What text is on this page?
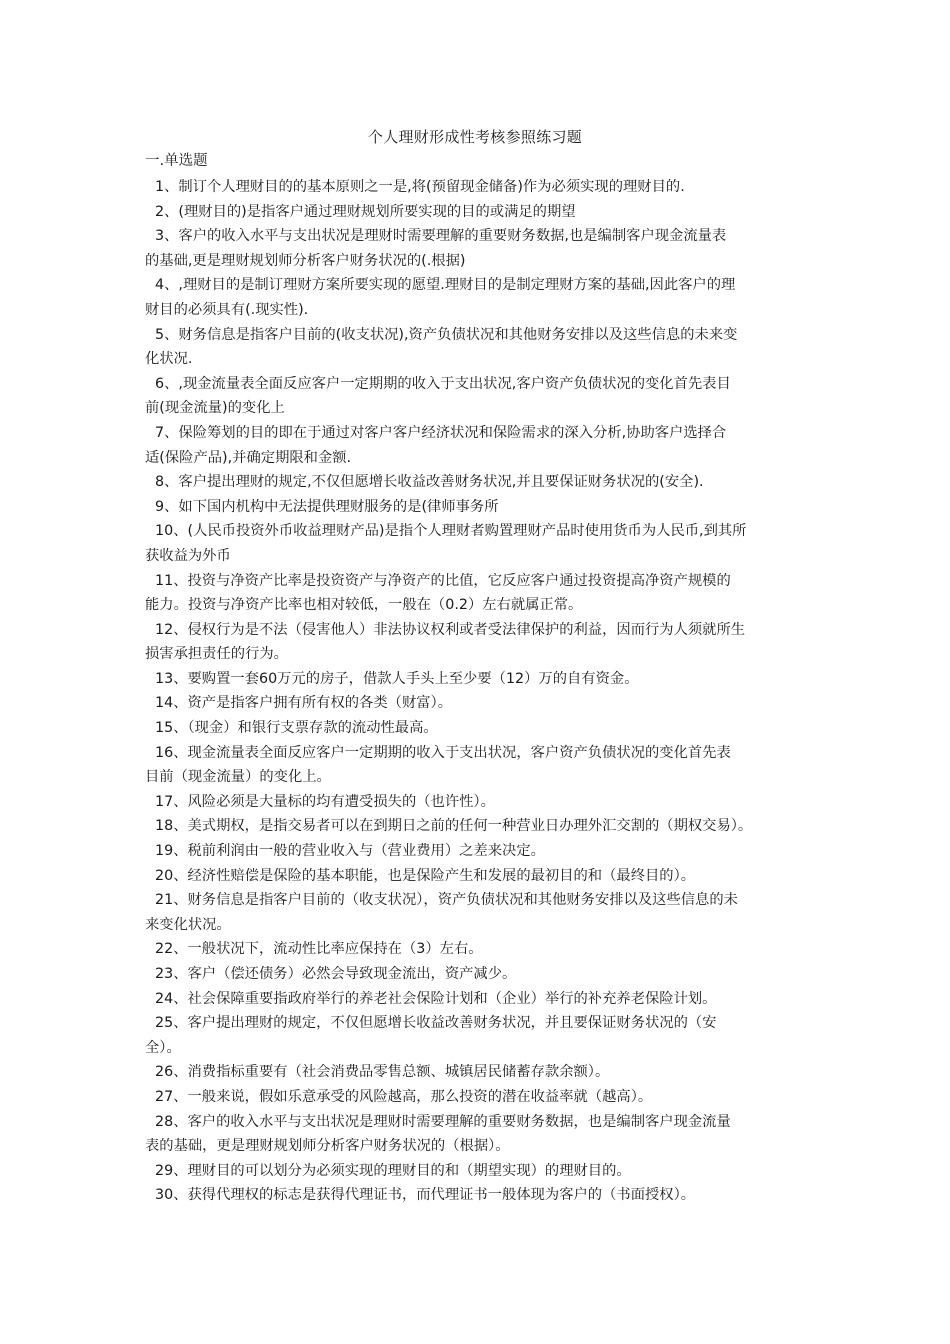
个人理财形成性考核参照练习题
一.单选题
1、制订个人理财目的的基本原则之一是,将(预留现金储备)作为必须实现的理财目的.
2、(理财目的)是指客户通过理财规划所要实现的目的或满足的期望
3、客户的收入水平与支出状况是理财时需要理解的重要财务数据,也是编制客户现金流量表
的基础,更是理财规划师分析客户财务状况的(.根据)
4、,理财目的是制订理财方案所要实现的愿望.理财目的是制定理财方案的基础,因此客户的理
财目的必须具有(.现实性).
5、财务信息是指客户目前的(收支状况),资产负债状况和其他财务安排以及这些信息的未来变
化状况.
6、,现金流量表全面反应客户一定期期的收入于支出状况,客户资产负债状况的变化首先表目
前(现金流量)的变化上
7、保险筹划的目的即在于通过对客户客户经济状况和保险需求的深入分析,协助客户选择合
适(保险产品),并确定期限和金额.
8、客户提出理财的规定,不仅但愿增长收益改善财务状况,并且要保证财务状况的(安全).
9、如下国内机构中无法提供理财服务的是(律师事务所
10、(人民币投资外币收益理财产品)是指个人理财者购置理财产品时使用货币为人民币,到其所
获收益为外币
11、投资与净资产比率是投资资产与净资产的比值，它反应客户通过投资提高净资产规模的
能力。投资与净资产比率也相对较低，一般在（0.2）左右就属正常。
12、侵权行为是不法（侵害他人）非法协议权利或者受法律保护的利益，因而行为人须就所生
损害承担责任的行为。
13、要购置一套60万元的房子，借款人手头上至少要（12）万的自有资金。
14、资产是指客户拥有所有权的各类（财富）。
15、（现金）和银行支票存款的流动性最高。
16、现金流量表全面反应客户一定期期的收入于支出状况，客户资产负债状况的变化首先表
目前（现金流量）的变化上。
17、风险必须是大量标的均有遭受损失的（也许性）。
18、美式期权，是指交易者可以在到期日之前的任何一种营业日办理外汇交割的（期权交易）。
19、税前利润由一般的营业收入与（营业费用）之差来决定。
20、经济性赔偿是保险的基本职能，也是保险产生和发展的最初目的和（最终目的）。
21、财务信息是指客户目前的（收支状况），资产负债状况和其他财务安排以及这些信息的未
来变化状况。
22、一般状况下，流动性比率应保持在（3）左右。
23、客户（偿还债务）必然会导致现金流出，资产减少。
24、社会保障重要指政府举行的养老社会保险计划和（企业）举行的补充养老保险计划。
25、客户提出理财的规定，不仅但愿增长收益改善财务状况，并且要保证财务状况的（安
全）。
26、消费指标重要有（社会消费品零售总额、城镇居民储蓄存款余额）。
27、一般来说，假如乐意承受的风险越高，那么投资的潜在收益率就（越高）。
28、客户的收入水平与支出状况是理财时需要理解的重要财务数据，也是编制客户现金流量
表的基础，更是理财规划师分析客户财务状况的（根据）。
29、理财目的可以划分为必须实现的理财目的和（期望实现）的理财目的。
30、获得代理权的标志是获得代理证书，而代理证书一般体现为客户的（书面授权）。
